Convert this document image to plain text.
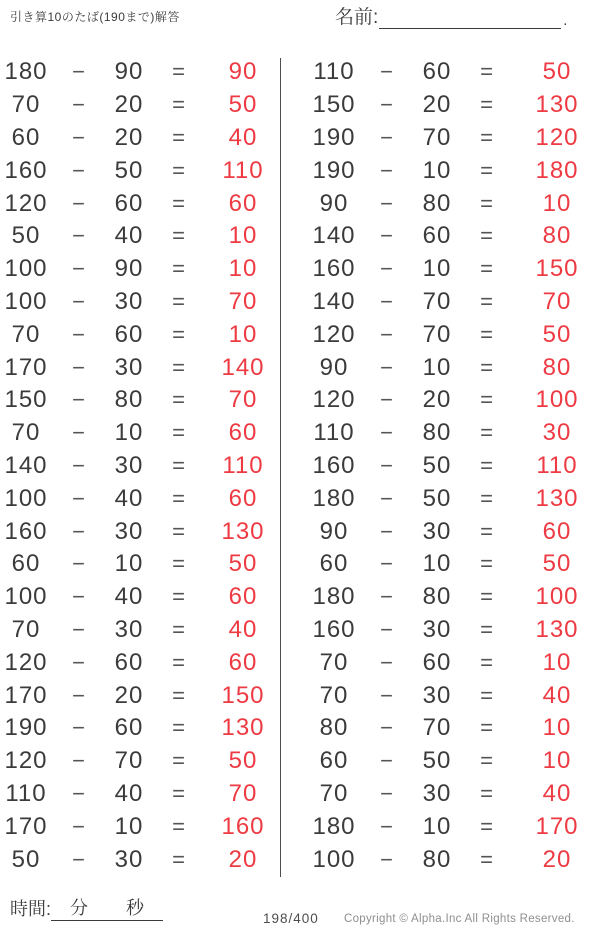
引き算10のたば(190まで)解答	名前:	.
180	−	90	=	90
70	−	20	=	50
60	−	20	=	40
160	−	50	=	110
120	−	60	=	60
50	−	40	=	10
100	−	90	=	10
100	−	30	=	70
70	−	60	=	10
170	−	30	=	140
150	−	80	=	70
70	−	10	=	60
140	−	30	=	110
100	−	40	=	60
160	−	30	=	130
60	−	10	=	50
100	−	40	=	60
70	−	30	=	40
120	−	60	=	60
170	−	20	=	150
190	−	60	=	130
120	−	70	=	50
110	−	40	=	70
170	−	10	=	160
50	−	30	=	20
110	−	60	=	50
150	−	20	=	130
190	−	70	=	120
190	−	10	=	180
90	−	80	=	10
140	−	60	=	80
160	−	10	=	150
140	−	70	=	70
120	−	70	=	50
90	−	10	=	80
120	−	20	=	100
110	−	80	=	30
160	−	50	=	110
180	−	50	=	130
90	−	30	=	60
60	−	10	=	50
180	−	80	=	100
160	−	30	=	130
70	−	60	=	10
70	−	30	=	40
80	−	70	=	10
60	−	50	=	10
70	−	30	=	40
180	−	10	=	170
100	−	80	=	20
時間: 分 秒
198/400 Copyright © Alpha.Inc All Rights Reserved.
